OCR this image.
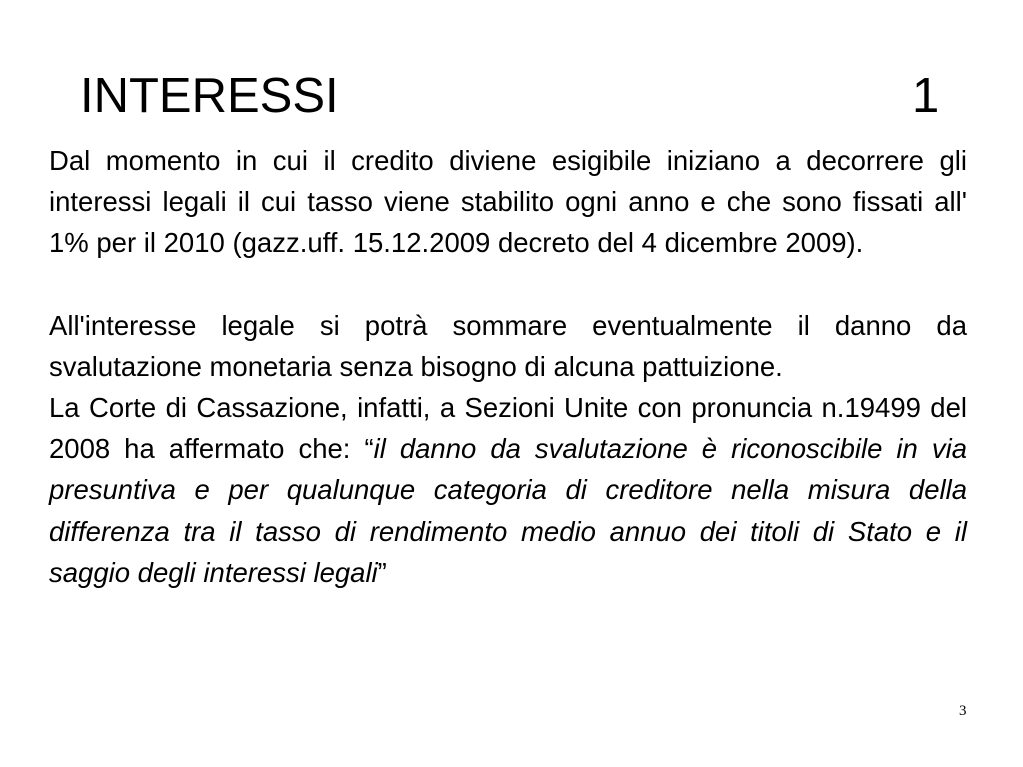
INTERESSI	1

Dal momento in cui il credito diviene esigibile iniziano a decorrere gli interessi legali il cui tasso viene stabilito ogni anno e che sono fissati all' 1% per il 2010 (gazz.uff. 15.12.2009 decreto del 4 dicembre 2009).

All'interesse legale si potrà sommare eventualmente il danno da svalutazione monetaria senza bisogno di alcuna pattuizione.

La Corte di Cassazione, infatti, a Sezioni Unite con pronuncia n.19499 del 2008 ha affermato che: “il danno da svalutazione è riconoscibile in via presuntiva e per qualunque categoria di creditore nella misura della differenza tra il tasso di rendimento medio annuo dei titoli di Stato e il saggio degli interessi legali”

3
